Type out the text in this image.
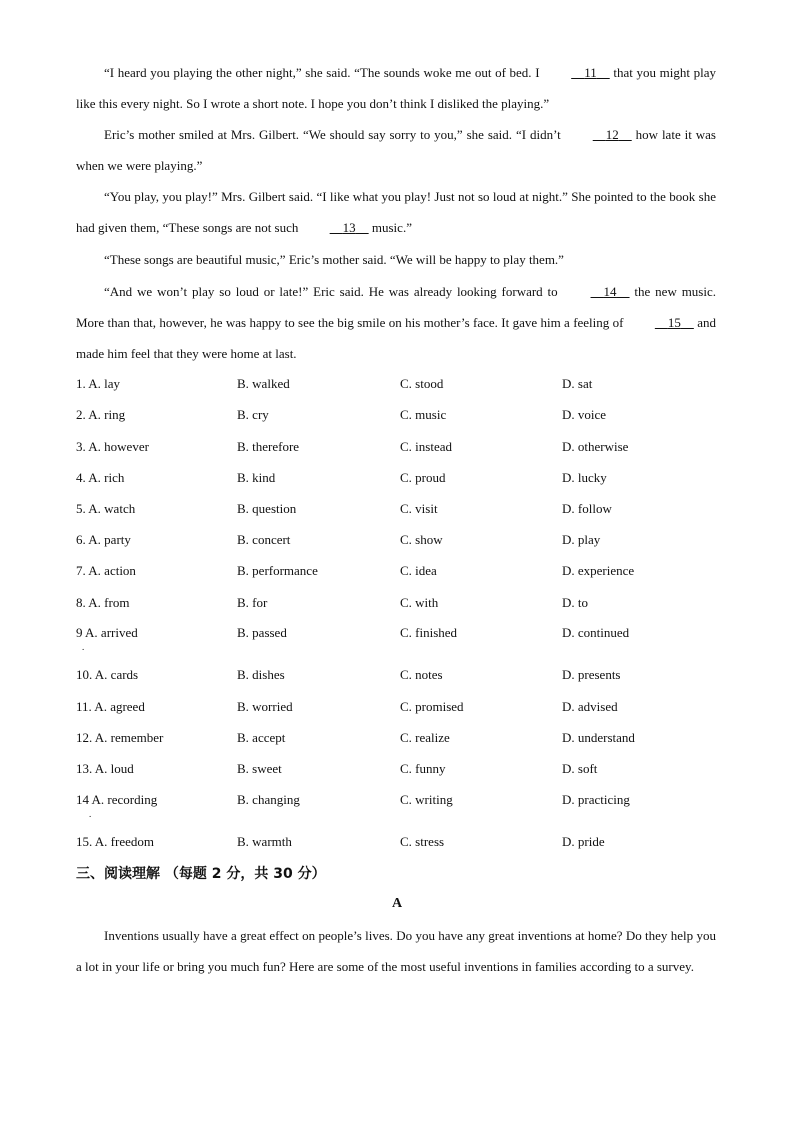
“I heard you playing the other night,” she said. “The sounds woke me out of bed. I	11     that you might play like this every night. So I wrote a short note. I hope you don’t think I disliked the playing.”
Eric’s mother smiled at Mrs. Gilbert. “We should say sorry to you,” she said. “I didn’t	12     how late it was when we were playing.”
“You play, you play!” Mrs. Gilbert said. “I like what you play! Just not so loud at night.” She pointed to the book she had given them, “These songs are not such	13     music.”
“These songs are beautiful music,” Eric’s mother said. “We will be happy to play them.”
“And we won’t play so loud or late!” Eric said. He was already looking forward to	14     the new music. More than that, however, he was happy to see the big smile on his mother’s face. It gave him a feeling of	15     and made him feel that they were home at last.
1. A. lay	B. walked	C. stood	D. sat
2. A. ring	B. cry	C. music	D. voice
3. A. however	B. therefore	C. instead	D. otherwise
4. A. rich	B. kind	C. proud	D. lucky
5. A. watch	B. question	C. visit	D. follow
6. A. party	B. concert	C. show	D. play
7. A. action	B. performance	C. idea	D. experience
8. A. from	B. for	C. with	D. to
9 A. arrived	B. passed	C. finished	D. continued
.
10. A. cards	B. dishes	C. notes	D. presents
11. A. agreed	B. worried	C. promised	D. advised
12. A. remember	B. accept	C. realize	D. understand
13. A. loud	B. sweet	C. funny	D. soft
14 A. recording	B. changing	C. writing	D. practicing
.
15. A. freedom	B. warmth	C. stress	D. pride
三、阅读理解 （每题 2 分，共 30 分）
A
Inventions usually have a great effect on people’s lives. Do you have any great inventions at home? Do they help you a lot in your life or bring you much fun? Here are some of the most useful inventions in families according to a survey.
